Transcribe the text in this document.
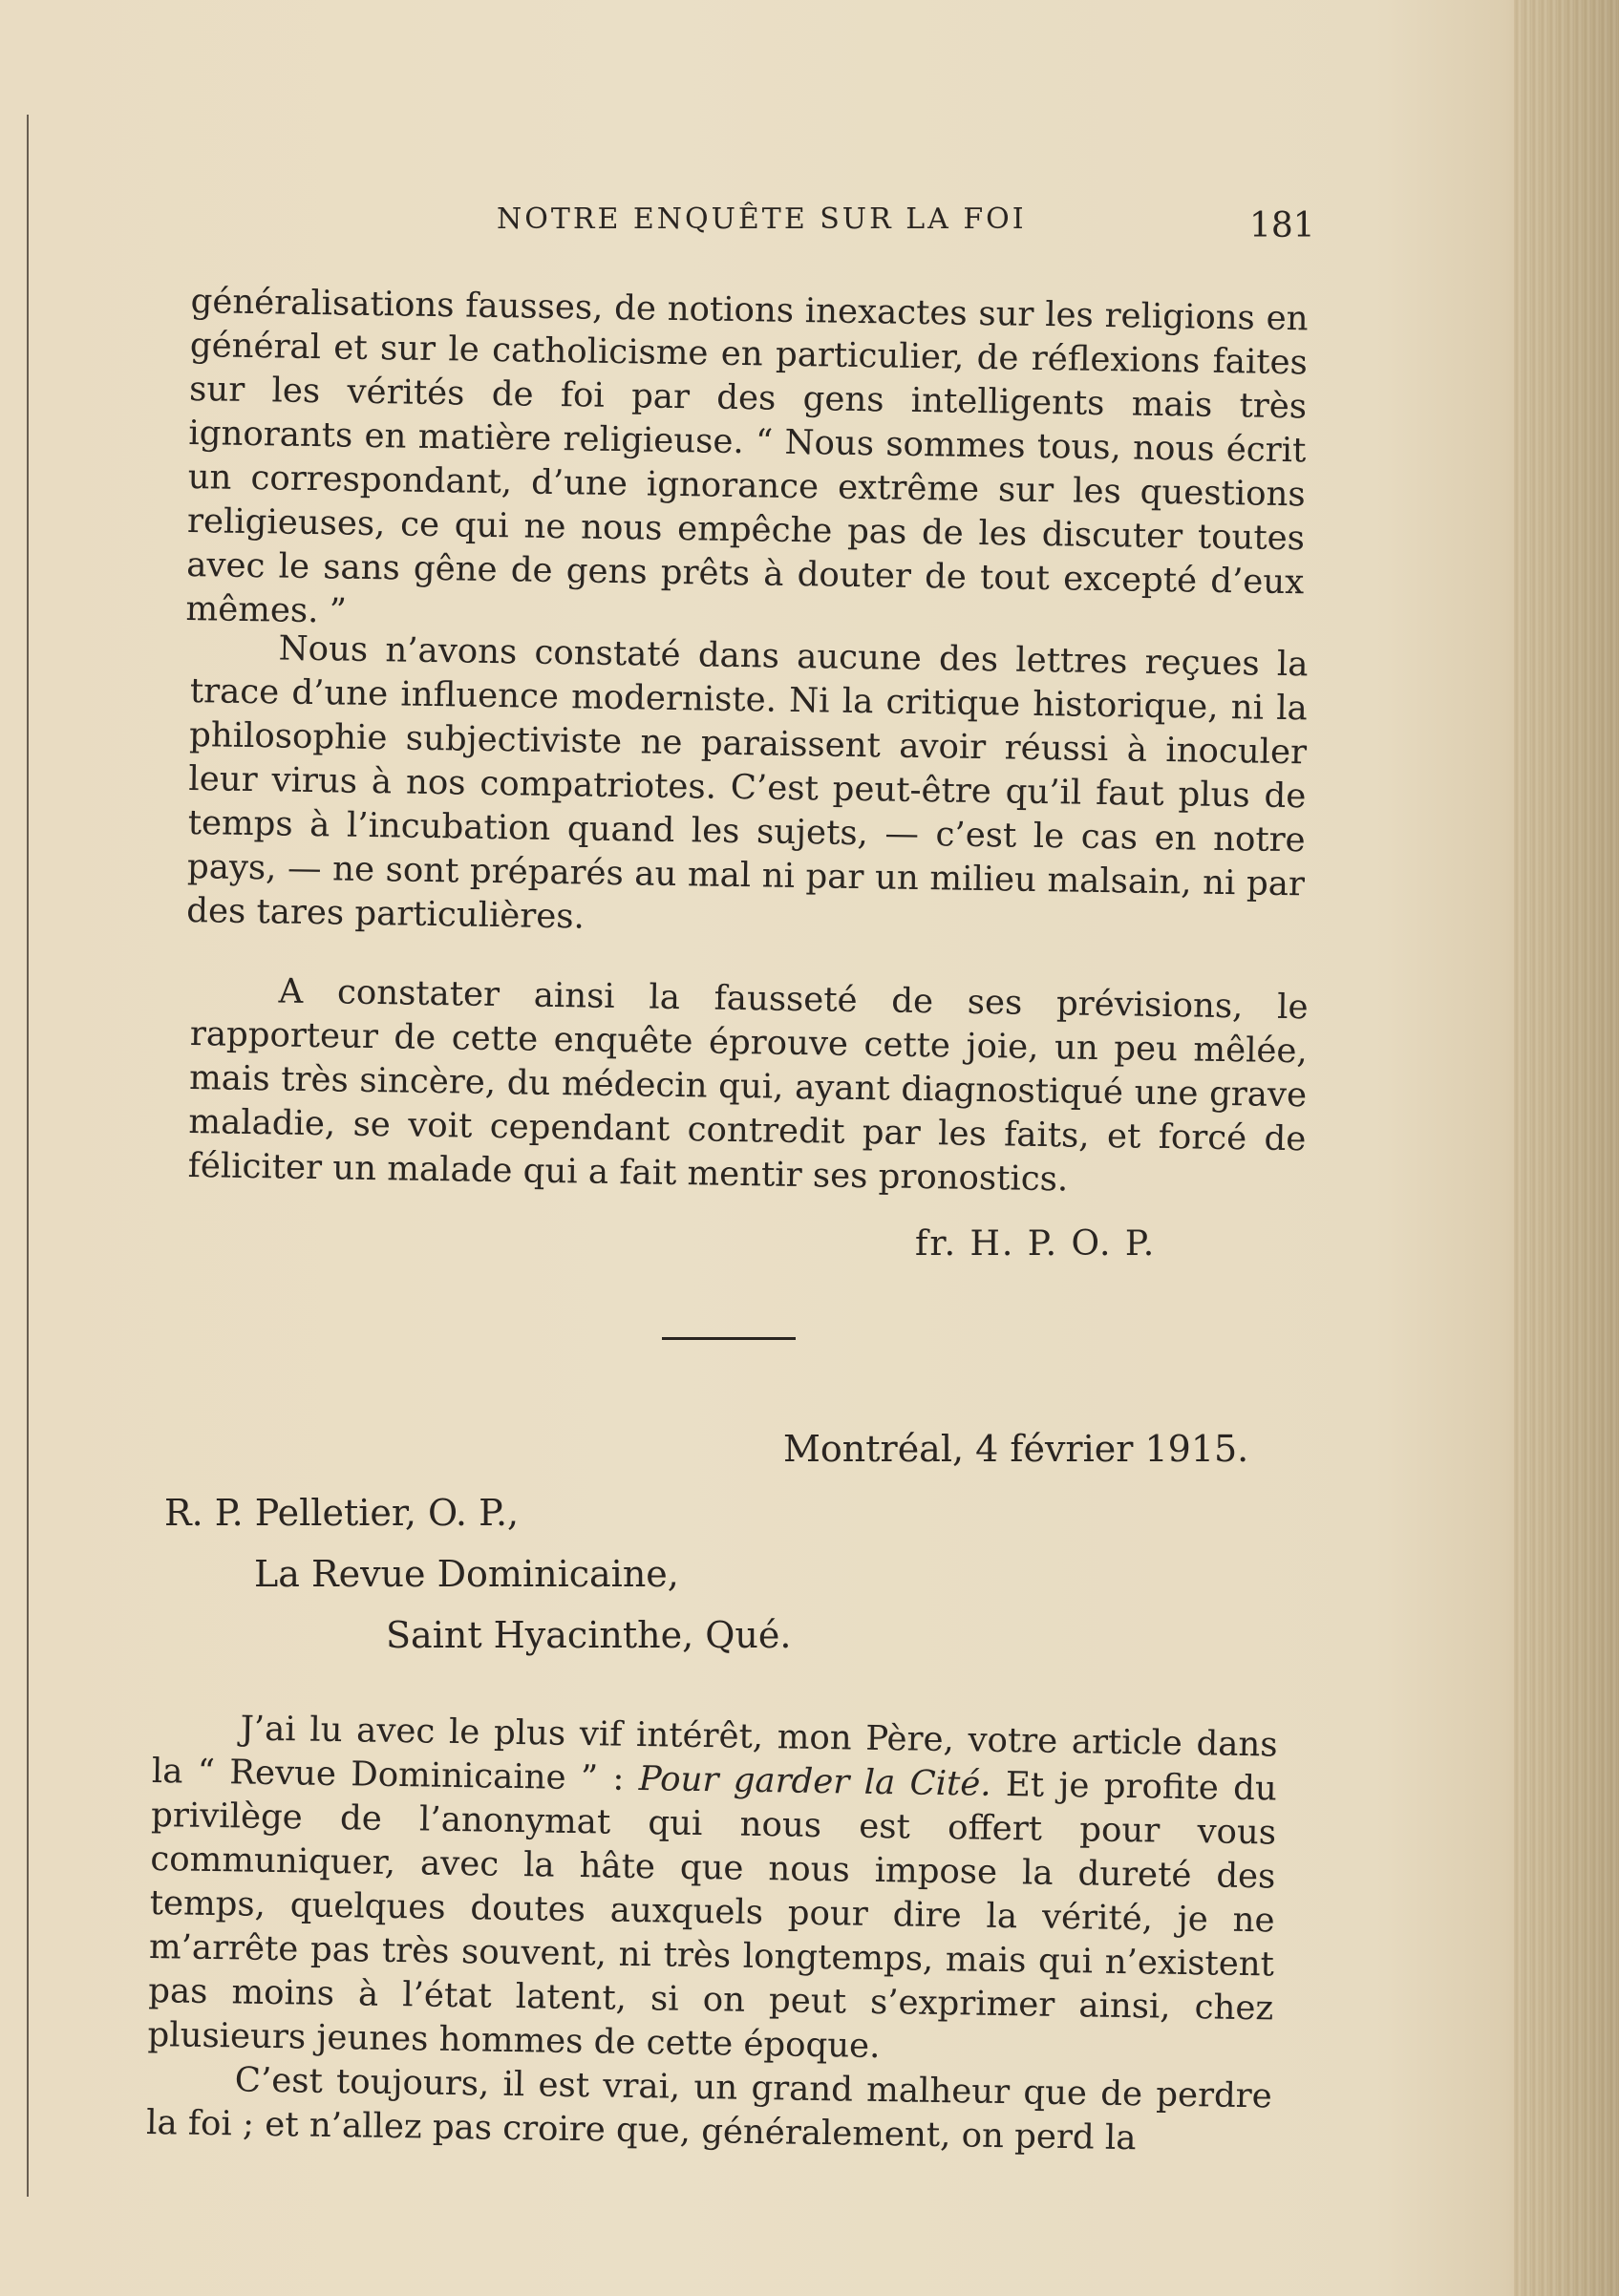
NOTRE ENQUÊTE SUR LA FOI	181

généralisations fausses, de notions inexactes sur les religions en général et sur le catholicisme en particulier, de réflexions faites sur les vérités de foi par des gens intelligents mais très ignorants en matière religieuse. “ Nous sommes tous, nous écrit un correspondant, d’une ignorance extrême sur les questions religieuses, ce qui ne nous empêche pas de les discuter toutes avec le sans gêne de gens prêts à douter de tout excepté d’eux mêmes. ”

Nous n’avons constaté dans aucune des lettres reçues la trace d’une influence moderniste. Ni la critique historique, ni la philosophie subjectiviste ne paraissent avoir réussi à inoculer leur virus à nos compatriotes. C’est peut-être qu’il faut plus de temps à l’incubation quand les sujets, — c’est le cas en notre pays, — ne sont préparés au mal ni par un milieu malsain, ni par des tares particulières.

A constater ainsi la fausseté de ses prévisions, le rapporteur de cette enquête éprouve cette joie, un peu mêlée, mais très sincère, du médecin qui, ayant diagnostiqué une grave maladie, se voit cependant contredit par les faits, et forcé de féliciter un malade qui a fait mentir ses pronostics.

fr. H. P. O. P.
Montréal, 4 février 1915.
R. P. Pelletier, O. P.,
La Revue Dominicaine,
Saint Hyacinthe, Qué.

J’ai lu avec le plus vif intérêt, mon Père, votre article dans la “ Revue Dominicaine ” : Pour garder la Cité. Et je profite du privilège de l’anonymat qui nous est offert pour vous communiquer, avec la hâte que nous impose la dureté des temps, quelques doutes auxquels pour dire la vérité, je ne m’arrête pas très souvent, ni très longtemps, mais qui n’existent pas moins à l’état latent, si on peut s’exprimer ainsi, chez plusieurs jeunes hommes de cette époque.

C’est toujours, il est vrai, un grand malheur que de perdre la foi ; et n’allez pas croire que, généralement, on perd la
